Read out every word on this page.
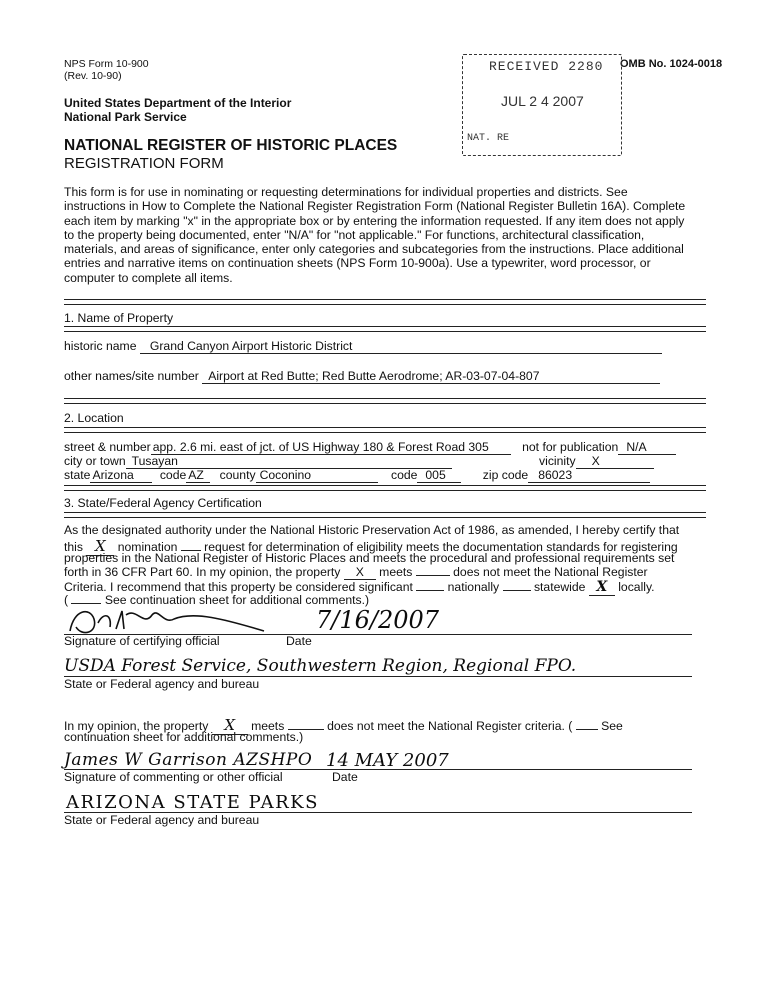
NPS Form 10-900
(Rev. 10-90)
United States Department of the Interior
National Park Service
OMB No. 1024-0018
RECEIVED 2280
JUL 2 4 2007
NAT. RE
NATIONAL REGISTER OF HISTORIC PLACES
REGISTRATION FORM
This form is for use in nominating or requesting determinations for individual properties and districts. See instructions in How to Complete the National Register Registration Form (National Register Bulletin 16A). Complete each item by marking "x" in the appropriate box or by entering the information requested. If any item does not apply to the property being documented, enter "N/A" for "not applicable." For functions, architectural classification, materials, and areas of significance, enter only categories and subcategories from the instructions. Place additional entries and narrative items on continuation sheets (NPS Form 10-900a). Use a typewriter, word processor, or computer to complete all items.
1. Name of Property
historic name Grand Canyon Airport Historic District
other names/site number Airport at Red Butte; Red Butte Aerodrome; AR-03-07-04-807
2. Location
street & number app. 2.6 mi. east of jct. of US Highway 180 & Forest Road 305	not for publication N/A
city or town Tusayan	vicinity X
state Arizona code AZ county Coconino	code 005	zip code 86023
3. State/Federal Agency Certification
As the designated authority under the National Historic Preservation Act of 1986, as amended, I hereby certify that
this X nomination request for determination of eligibility meets the documentation standards for registering
properties in the National Register of Historic Places and meets the procedural and professional requirements set
forth in 36 CFR Part 60. In my opinion, the property X meets	does not meet the National Register
Criteria. I recommend that this property be considered significant	nationally	statewide X locally.
(	See continuation sheet for additional comments.)
7/16/2007
Signature of certifying official	Date
USDA Forest Service, Southwestern Region, Regional FPO.
State or Federal agency and bureau
In my opinion, the property X meets	does not meet the National Register criteria. ( See
continuation sheet for additional comments.)
James W Garrison AZSHPO 14 MAY 2007
Signature of commenting or other official	Date
ARIZONA STATE PARKS
State or Federal agency and bureau
